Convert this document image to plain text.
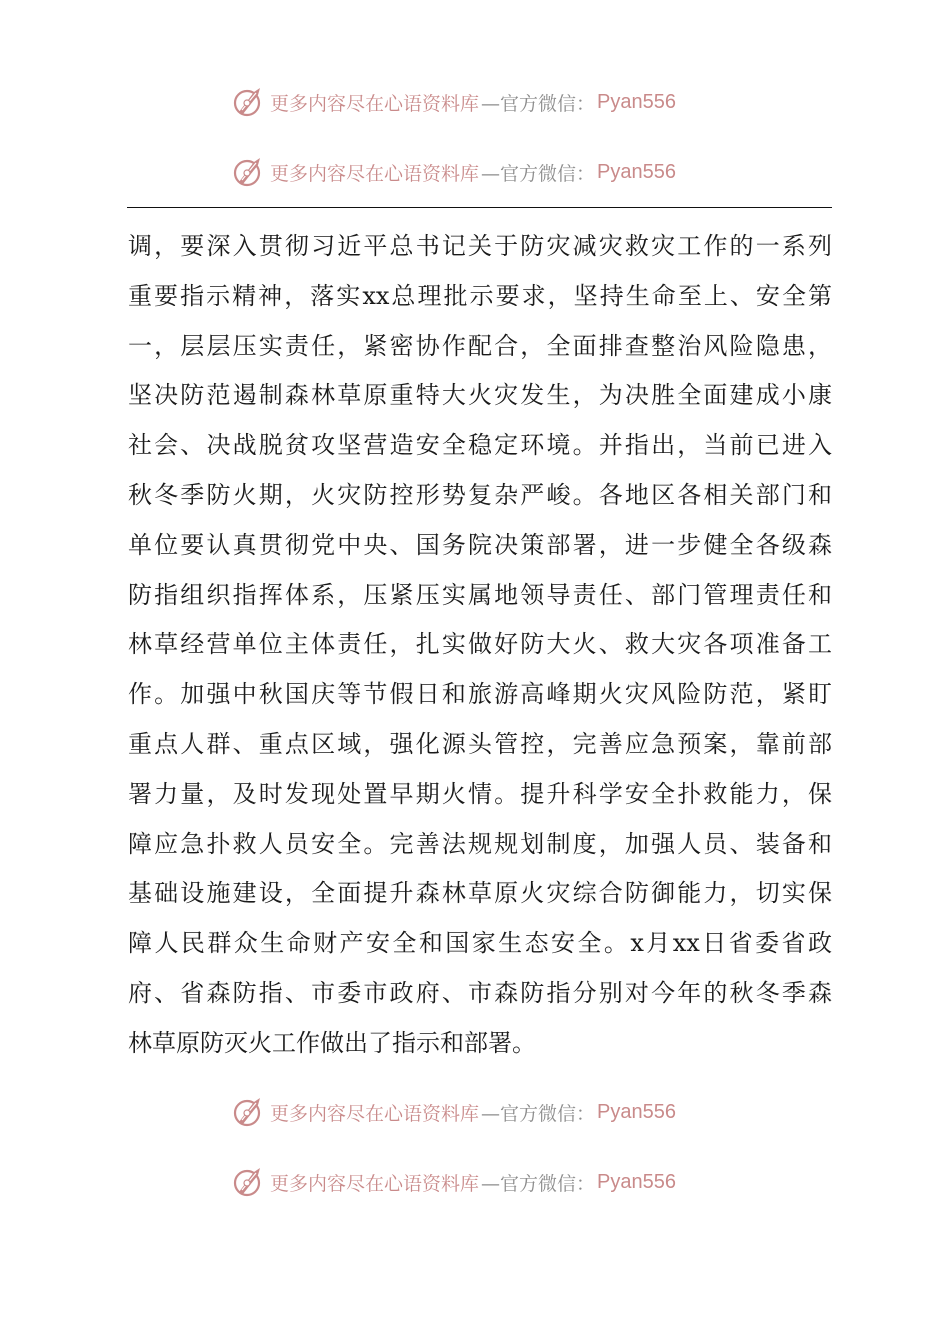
更多内容尽在心语资料库 —官方微信： Pyan556
更多内容尽在心语资料库 —官方微信： Pyan556
调，要深入贯彻习近平总书记关于防灾减灾救灾工作的一系列
重要指示精神，落实xx总理批示要求，坚持生命至上、安全第
一，层层压实责任，紧密协作配合，全面排查整治风险隐患，
坚决防范遏制森林草原重特大火灾发生，为决胜全面建成小康
社会、决战脱贫攻坚营造安全稳定环境。并指出，当前已进入
秋冬季防火期，火灾防控形势复杂严峻。各地区各相关部门和
单位要认真贯彻党中央、国务院决策部署，进一步健全各级森
防指组织指挥体系，压紧压实属地领导责任、部门管理责任和
林草经营单位主体责任，扎实做好防大火、救大灾各项准备工
作。加强中秋国庆等节假日和旅游高峰期火灾风险防范，紧盯
重点人群、重点区域，强化源头管控，完善应急预案，靠前部
署力量，及时发现处置早期火情。提升科学安全扑救能力，保
障应急扑救人员安全。完善法规规划制度，加强人员、装备和
基础设施建设，全面提升森林草原火灾综合防御能力，切实保
障人民群众生命财产安全和国家生态安全。x月xx日省委省政
府、省森防指、市委市政府、市森防指分别对今年的秋冬季森
林草原防灭火工作做出了指示和部署。
更多内容尽在心语资料库 —官方微信： Pyan556
更多内容尽在心语资料库 —官方微信： Pyan556
